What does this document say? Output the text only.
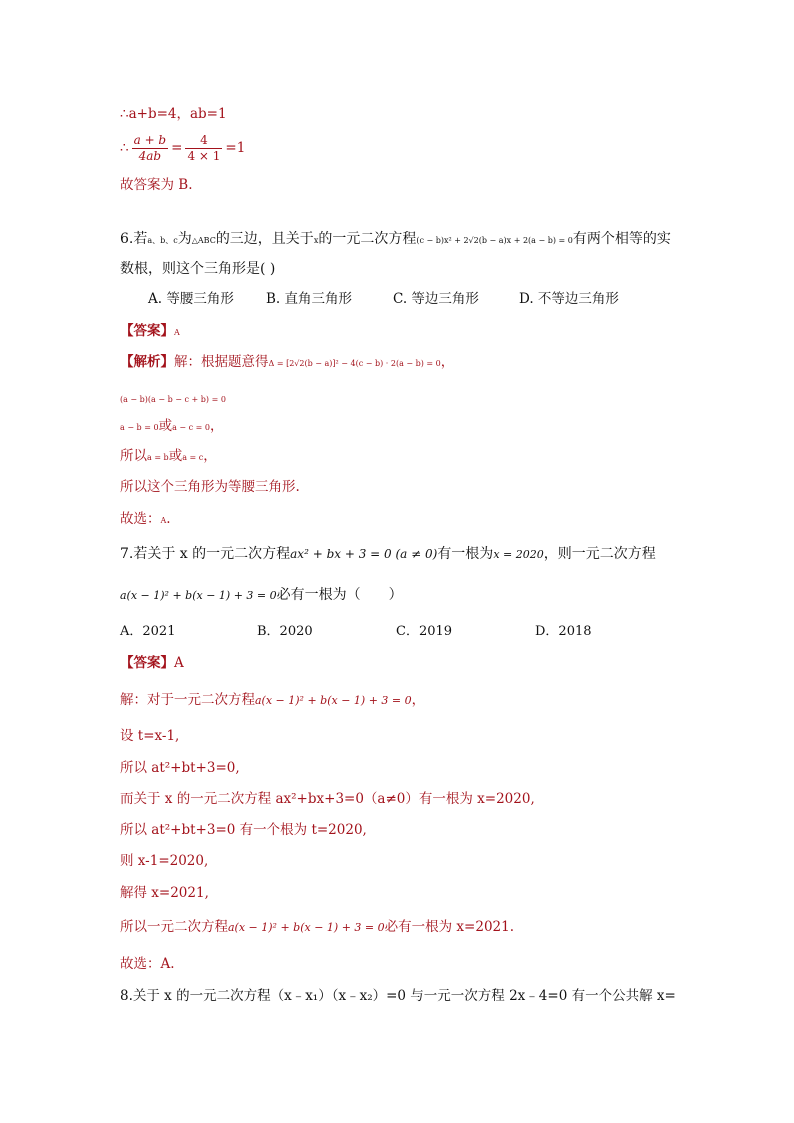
∴a+b=4，ab=1
∴ $\frac{a + b}{4ab} = \frac{4}{4 \times 1} =1$
故答案为 B.
6.若a、b、c为△ABC的三边，且关于x的一元二次方程(c − b)x² + 2√2(b − a)x + 2(a − b) = 0有两个相等的实
数根，则这个三角形是( )
A. 等腰三角形 B. 直角三角形	C. 等边三角形	D. 不等边三角形
【答案】A
【解析】解：根据题意得Δ = [2√2(b − a)]² − 4(c − b) · 2(a − b) = 0，
(a − b)(a − b − c + b) = 0
a − b = 0或a − c = 0，
所以a = b或a = c，
所以这个三角形为等腰三角形.
故选：A.
7.若关于 x 的一元二次方程ax² + bx + 3 = 0 (a ≠ 0)有一根为x = 2020，则一元二次方程
a(x − 1)² + b(x − 1) + 3 = 0必有一根为（　　）
A．2021	B．2020	C．2019	D．2018
【答案】A
解：对于一元二次方程a(x − 1)² + b(x − 1) + 3 = 0，
设 t=x-1,
所以 at²+bt+3=0,
而关于 x 的一元二次方程 ax²+bx+3=0（a≠0）有一根为 x=2020,
所以 at²+bt+3=0 有一个根为 t=2020,
则 x-1=2020,
解得 x=2021,
所以一元二次方程a(x − 1)² + b(x − 1) + 3 = 0必有一根为 x=2021.
故选：A.
8.关于 x 的一元二次方程（x﹣x₁）（x﹣x₂）=0 与一元一次方程 2x﹣4=0 有一个公共解 x=
